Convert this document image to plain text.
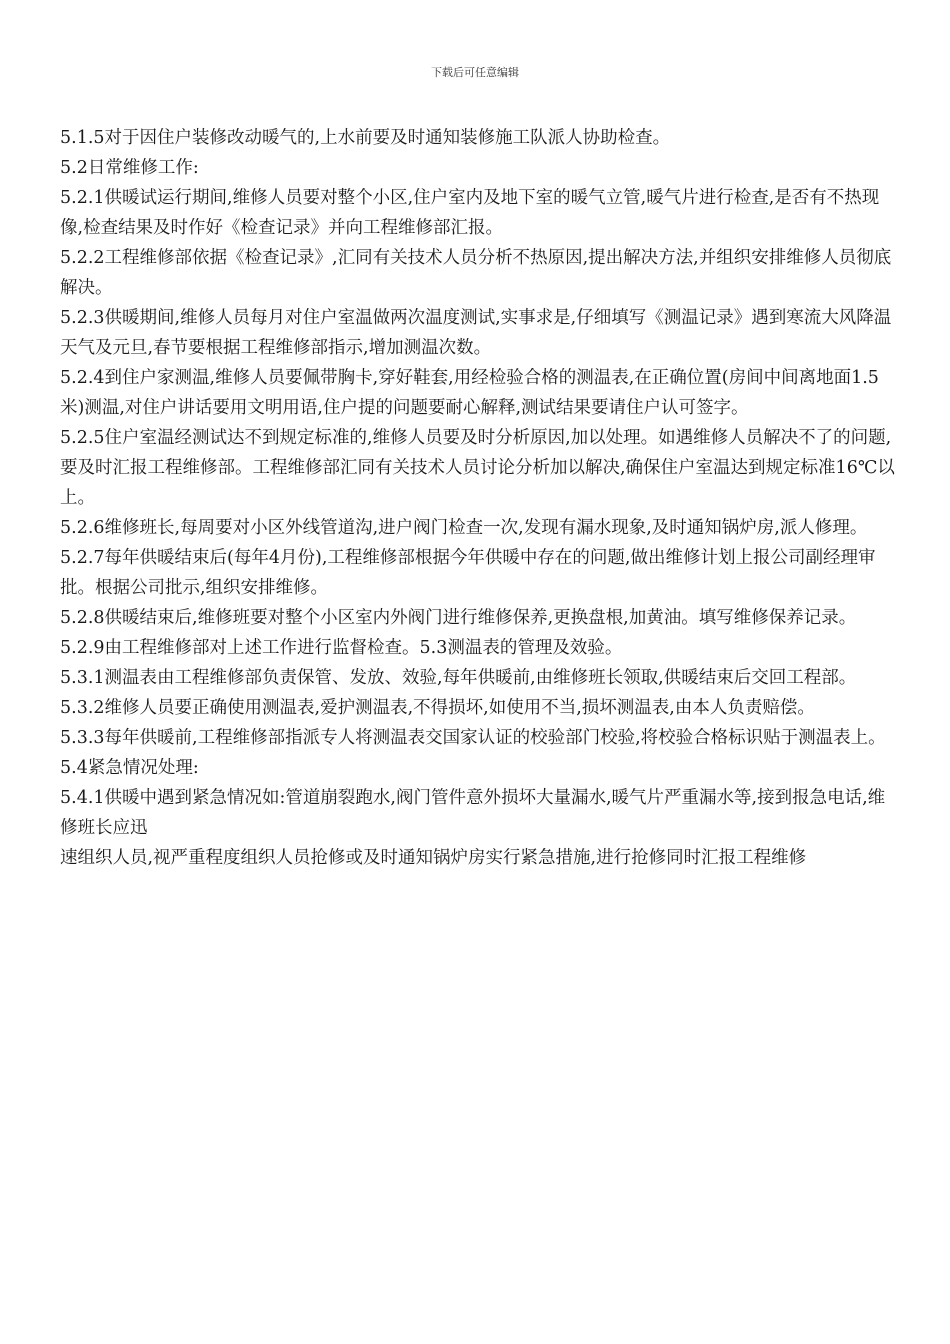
下载后可任意编辑

5.1.5对于因住户装修改动暖气的,上水前要及时通知装修施工队派人协助检查。

5.2日常维修工作:

5.2.1供暖试运行期间,维修人员要对整个小区,住户室内及地下室的暖气立管,暖气片进行检查,是否有不热现像,检查结果及时作好《检查记录》并向工程维修部汇报。

5.2.2工程维修部依据《检查记录》,汇同有关技术人员分析不热原因,提出解决方法,并组织安排维修人员彻底解决。

5.2.3供暖期间,维修人员每月对住户室温做两次温度测试,实事求是,仔细填写《测温记录》遇到寒流大风降温天气及元旦,春节要根据工程维修部指示,增加测温次数。

5.2.4到住户家测温,维修人员要佩带胸卡,穿好鞋套,用经检验合格的测温表,在正确位置(房间中间离地面1.5米)测温,对住户讲话要用文明用语,住户提的问题要耐心解释,测试结果要请住户认可签字。

5.2.5住户室温经测试达不到规定标准的,维修人员要及时分析原因,加以处理。如遇维修人员解决不了的问题,要及时汇报工程维修部。工程维修部汇同有关技术人员讨论分析加以解决,确保住户室温达到规定标准16℃以上。

5.2.6维修班长,每周要对小区外线管道沟,进户阀门检查一次,发现有漏水现象,及时通知锅炉房,派人修理。

5.2.7每年供暖结束后(每年4月份),工程维修部根据今年供暖中存在的问题,做出维修计划上报公司副经理审批。根据公司批示,组织安排维修。

5.2.8供暖结束后,维修班要对整个小区室内外阀门进行维修保养,更换盘根,加黄油。填写维修保养记录。

5.2.9由工程维修部对上述工作进行监督检查。5.3测温表的管理及效验。

5.3.1测温表由工程维修部负责保管、发放、效验,每年供暖前,由维修班长领取,供暖结束后交回工程部。

5.3.2维修人员要正确使用测温表,爱护测温表,不得损坏,如使用不当,损坏测温表,由本人负责赔偿。

5.3.3每年供暖前,工程维修部指派专人将测温表交国家认证的校验部门校验,将校验合格标识贴于测温表上。

5.4紧急情况处理:

5.4.1供暖中遇到紧急情况如:管道崩裂跑水,阀门管件意外损坏大量漏水,暖气片严重漏水等,接到报急电话,维修班长应迅

速组织人员,视严重程度组织人员抢修或及时通知锅炉房实行紧急措施,进行抢修同时汇报工程维修
